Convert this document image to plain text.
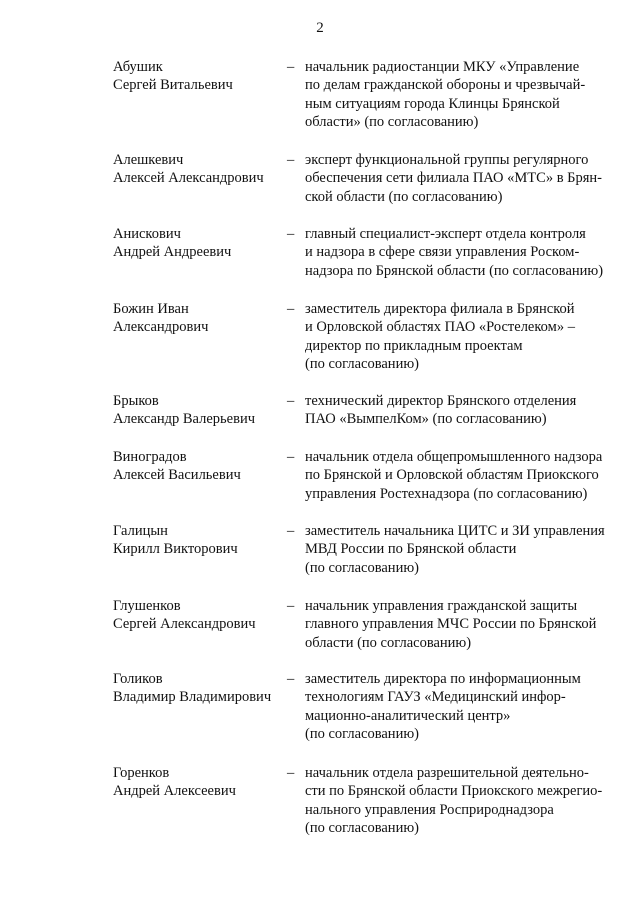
2
Абушик
Сергей Витальевич
– начальник радиостанции МКУ «Управление
по делам гражданской обороны и чрезвычай-
ным ситуациям города Клинцы Брянской
области» (по согласованию)
Алешкевич
Алексей Александрович
– эксперт функциональной группы регулярного
обеспечения сети филиала ПАО «МТС» в Брян-
ской области (по согласованию)
Анискович
Андрей Андреевич
– главный специалист-эксперт отдела контроля
и надзора в сфере связи управления Роском-
надзора по Брянской области (по согласованию)
Божин Иван
Александрович
– заместитель директора филиала в Брянской
и Орловской областях ПАО «Ростелеком» –
директор по прикладным проектам
(по согласованию)
Брыков
Александр Валерьевич
– технический директор Брянского отделения
ПАО «ВымпелКом» (по согласованию)
Виноградов
Алексей Васильевич
– начальник отдела общепромышленного надзора
по Брянской и Орловской областям Приокского
управления Ростехнадзора (по согласованию)
Галицын
Кирилл Викторович
– заместитель начальника ЦИТС и ЗИ управления
МВД России по Брянской области
(по согласованию)
Глушенков
Сергей Александрович
– начальник управления гражданской защиты
главного управления МЧС России по Брянской
области (по согласованию)
Голиков
Владимир Владимирович
– заместитель директора по информационным
технологиям ГАУЗ «Медицинский инфор-
мационно-аналитический центр»
(по согласованию)
Горенков
Андрей Алексеевич
– начальник отдела разрешительной деятельно-
сти по Брянской области Приокского межрегио-
нального управления Росприроднадзора
(по согласованию)
